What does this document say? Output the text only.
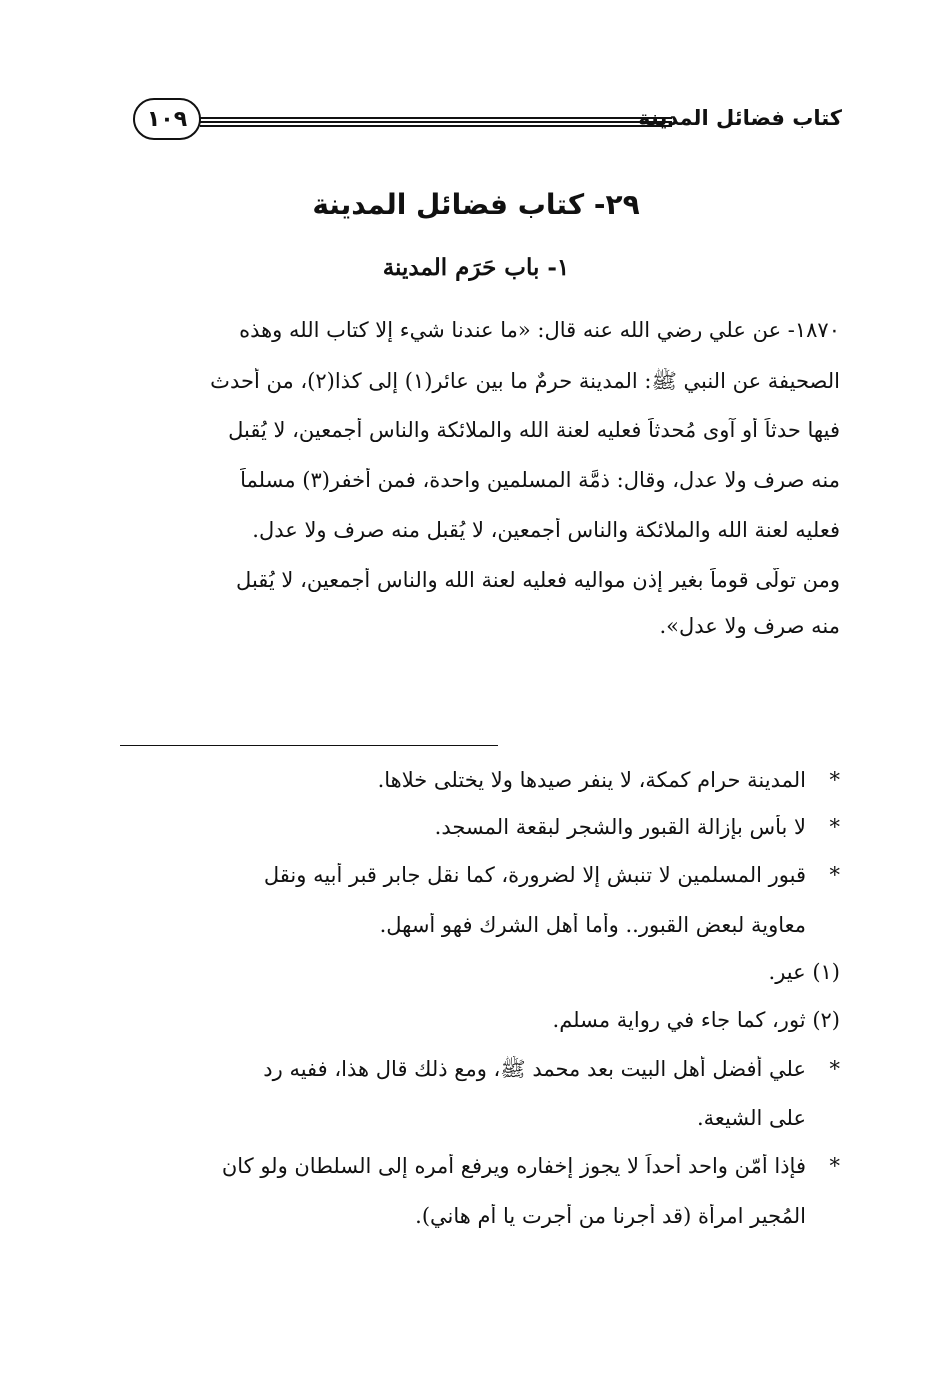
كتاب فضائل المدينة
١٠٩
٢٩- كتاب فضائل المدينة
١- باب حَرَم المدينة
١٨٧٠- عن علي رضي الله عنه قال: «ما عندنا شيء إلا كتاب الله وهذه
الصحيفة عن النبي ﷺ: المدينة حرمٌ ما بين عائر(١) إلى كذا(٢)، من أحدث
فيها حدثاً أو آوى مُحدثاً فعليه لعنة الله والملائكة والناس أجمعين، لا يُقبل
منه صرف ولا عدل، وقال: ذمَّة المسلمين واحدة، فمن أخفر(٣) مسلماً
فعليه لعنة الله والملائكة والناس أجمعين، لا يُقبل منه صرف ولا عدل.
ومن تولَّى قوماً بغير إذن مواليه فعليه لعنة الله والناس أجمعين، لا يُقبل
منه صرف ولا عدل».
*المدينة حرام كمكة، لا ينفر صيدها ولا يختلى خلاها.
*لا بأس بإزالة القبور والشجر لبقعة المسجد.
*قبور المسلمين لا تنبش إلا لضرورة، كما نقل جابر قبر أبيه ونقل
معاوية لبعض القبور.. وأما أهل الشرك فهو أسهل.
(١) عير.
(٢) ثور، كما جاء في رواية مسلم.
*علي أفضل أهل البيت بعد محمد ﷺ، ومع ذلك قال هذا، ففيه رد
على الشيعة.
*فإذا أمّن واحد أحداً لا يجوز إخفاره ويرفع أمره إلى السلطان ولو كان
المُجير امرأة (قد أجرنا من أجرت يا أم هاني).
